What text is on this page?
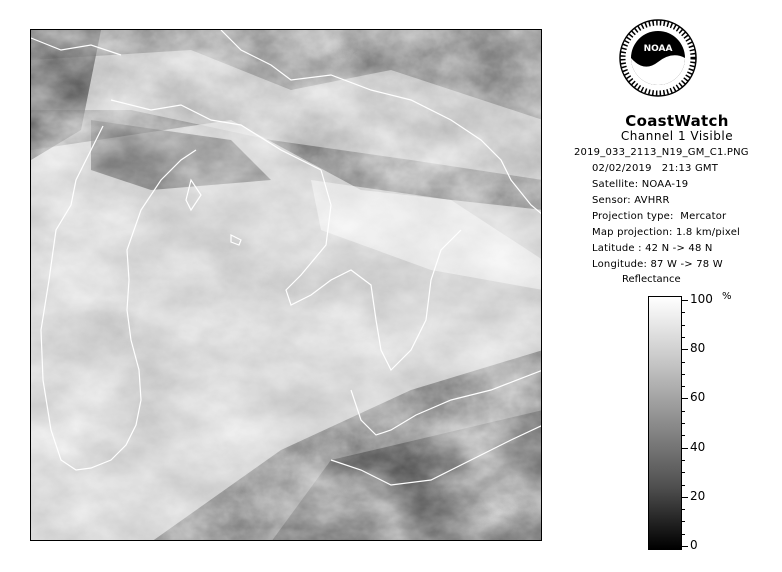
NOAA
CoastWatch
Channel 1 Visible
2019_033_2113_N19_GM_C1.PNG
02/02/2019   21:13 GMT
Satellite: NOAA-19
Sensor: AVHRR
Projection type:  Mercator
Map projection: 1.8 km/pixel
Latitude : 42 N -> 48 N
Longitude: 87 W -> 78 W
Reflectance
%
100
80
60
40
20
0
